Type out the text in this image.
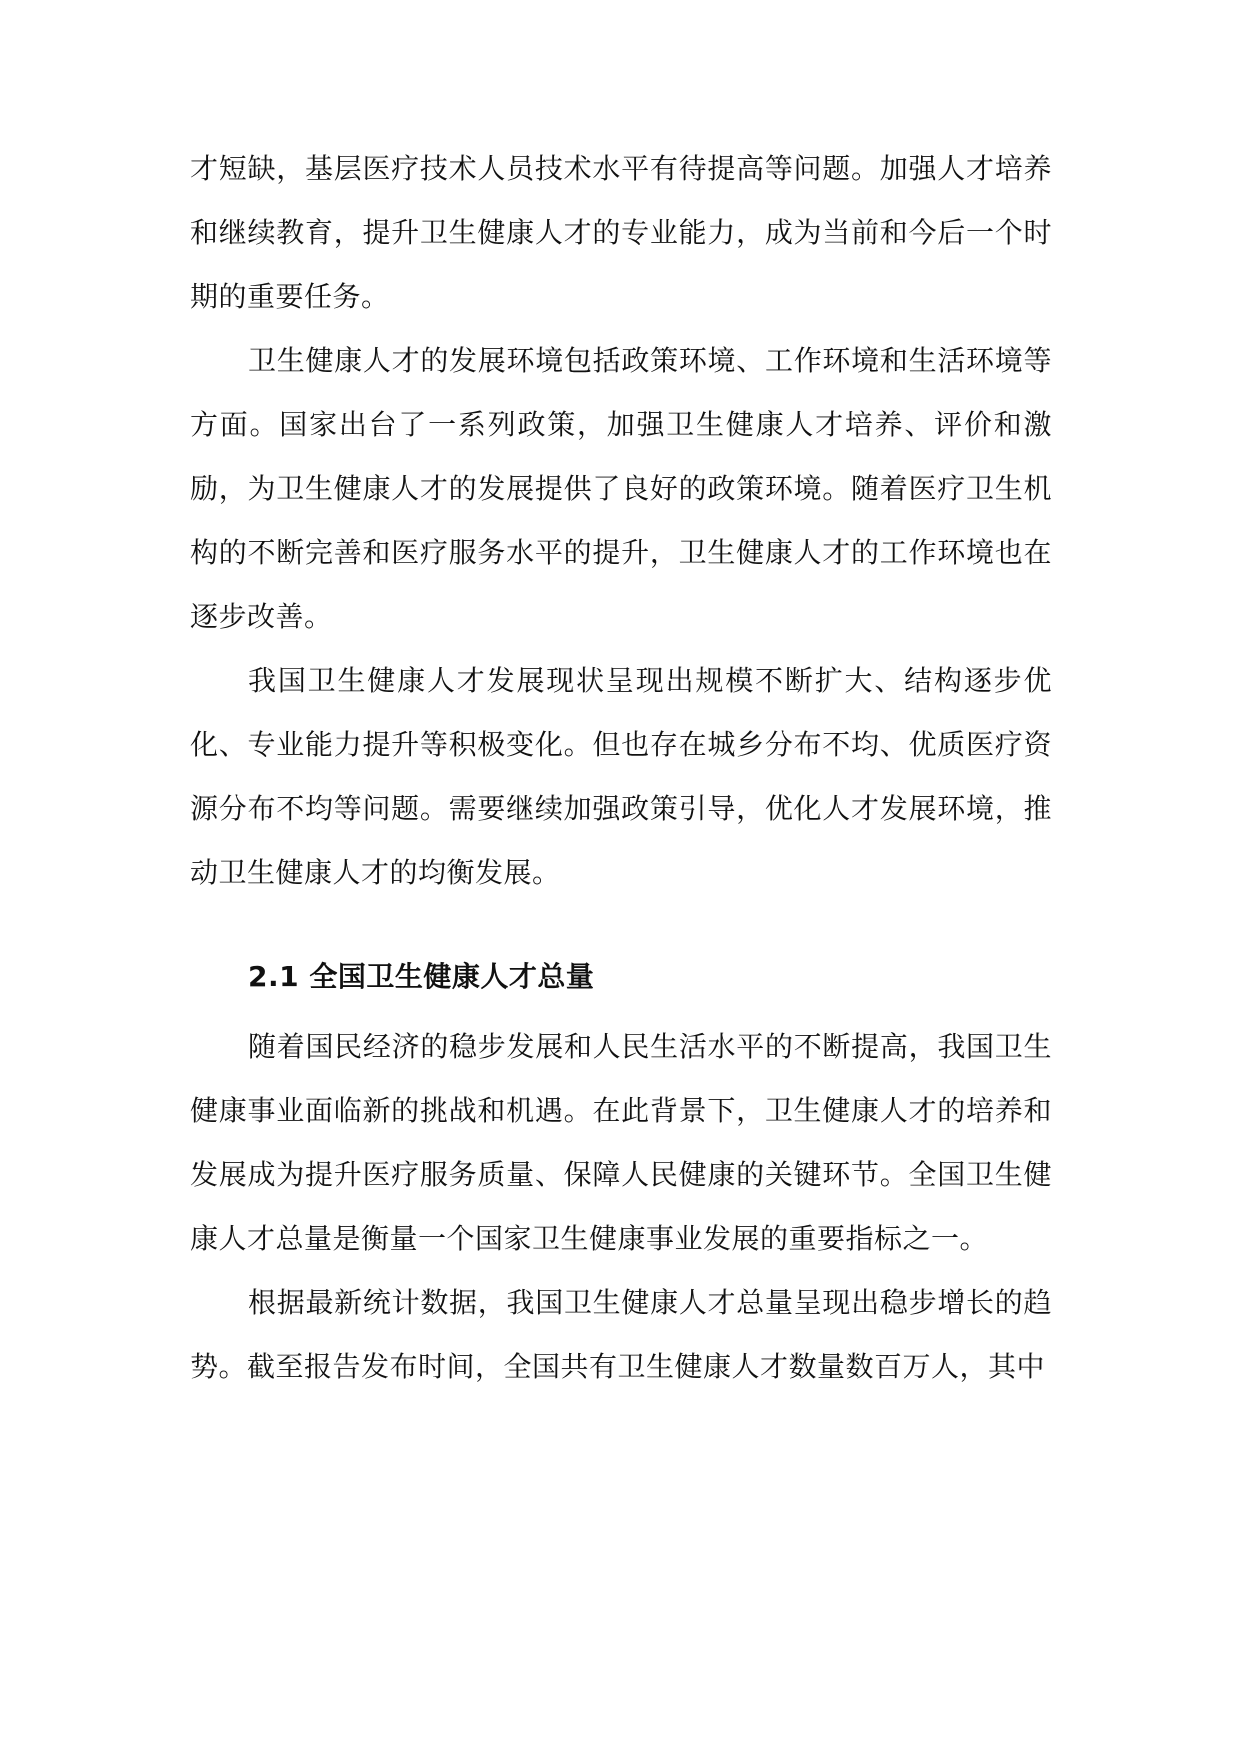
才短缺，基层医疗技术人员技术水平有待提高等问题。加强人才培养和继续教育，提升卫生健康人才的专业能力，成为当前和今后一个时期的重要任务。

卫生健康人才的发展环境包括政策环境、工作环境和生活环境等方面。国家出台了一系列政策，加强卫生健康人才培养、评价和激励，为卫生健康人才的发展提供了良好的政策环境。随着医疗卫生机构的不断完善和医疗服务水平的提升，卫生健康人才的工作环境也在逐步改善。

我国卫生健康人才发展现状呈现出规模不断扩大、结构逐步优化、专业能力提升等积极变化。但也存在城乡分布不均、优质医疗资源分布不均等问题。需要继续加强政策引导，优化人才发展环境，推动卫生健康人才的均衡发展。

2.1 全国卫生健康人才总量

随着国民经济的稳步发展和人民生活水平的不断提高，我国卫生健康事业面临新的挑战和机遇。在此背景下，卫生健康人才的培养和发展成为提升医疗服务质量、保障人民健康的关键环节。全国卫生健康人才总量是衡量一个国家卫生健康事业发展的重要指标之一。

根据最新统计数据，我国卫生健康人才总量呈现出稳步增长的趋势。截至报告发布时间，全国共有卫生健康人才数量数百万人，其中
